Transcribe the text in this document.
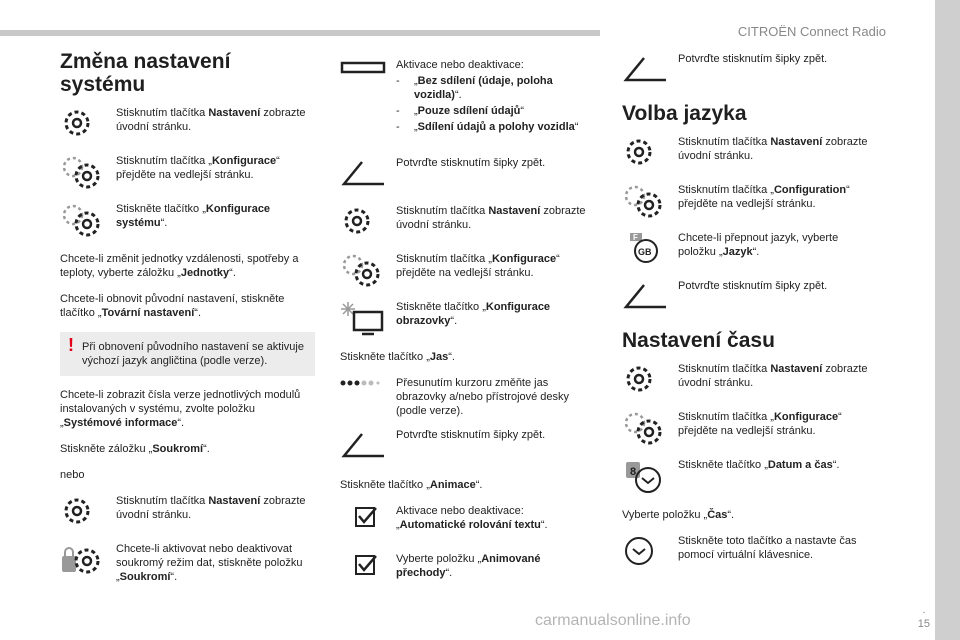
CITROËN Connect Radio
.
15
carmanualsonline.info
Změna nastavení
systému
Stisknutím tlačítka Nastavení zobrazte úvodní stránku.
Stisknutím tlačítka „Konfigurace“ přejděte na vedlejší stránku.
Stiskněte tlačítko „Konfigurace systému“.
Chcete-li změnit jednotky vzdálenosti, spotřeby a teploty, vyberte záložku „Jednotky“.
Chcete-li obnovit původní nastavení, stiskněte tlačítko „Tovární nastavení“.
! Při obnovení původního nastavení se aktivuje výchozí jazyk angličtina (podle verze).
Chcete-li zobrazit čísla verze jednotlivých modulů instalovaných v systému, zvolte položku „Systémové informace“.
Stiskněte záložku „Soukromí“.
nebo
Stisknutím tlačítka Nastavení zobrazte úvodní stránku.
Chcete-li aktivovat nebo deaktivovat soukromý režim dat, stiskněte položku „Soukromí“.
Aktivace nebo deaktivace:
- „Bez sdílení (údaje, poloha vozidla)“.
- „Pouze sdílení údajů“
- „Sdílení údajů a polohy vozidla“
Potvrďte stisknutím šipky zpět.
Stisknutím tlačítka Nastavení zobrazte úvodní stránku.
Stisknutím tlačítka „Konfigurace“ přejděte na vedlejší stránku.
Stiskněte tlačítko „Konfigurace obrazovky“.
Stiskněte tlačítko „Jas“.
Přesunutím kurzoru změňte jas obrazovky a/nebo přístrojové desky (podle verze).
Potvrďte stisknutím šipky zpět.
Stiskněte tlačítko „Animace“.
Aktivace nebo deaktivace: „Automatické rolování textu“.
Vyberte položku „Animované přechody“.
Potvrďte stisknutím šipky zpět.
Volba jazyka
Stisknutím tlačítka Nastavení zobrazte úvodní stránku.
Stisknutím tlačítka „Configuration“ přejděte na vedlejší stránku.
F
GB
Chcete-li přepnout jazyk, vyberte položku „Jazyk“.
Potvrďte stisknutím šipky zpět.
Nastavení času
Stisknutím tlačítka Nastavení zobrazte úvodní stránku.
Stisknutím tlačítka „Konfigurace“ přejděte na vedlejší stránku.
8
Stiskněte tlačítko „Datum a čas“.
Vyberte položku „Čas“.
Stiskněte toto tlačítko a nastavte čas pomocí virtuální klávesnice.
